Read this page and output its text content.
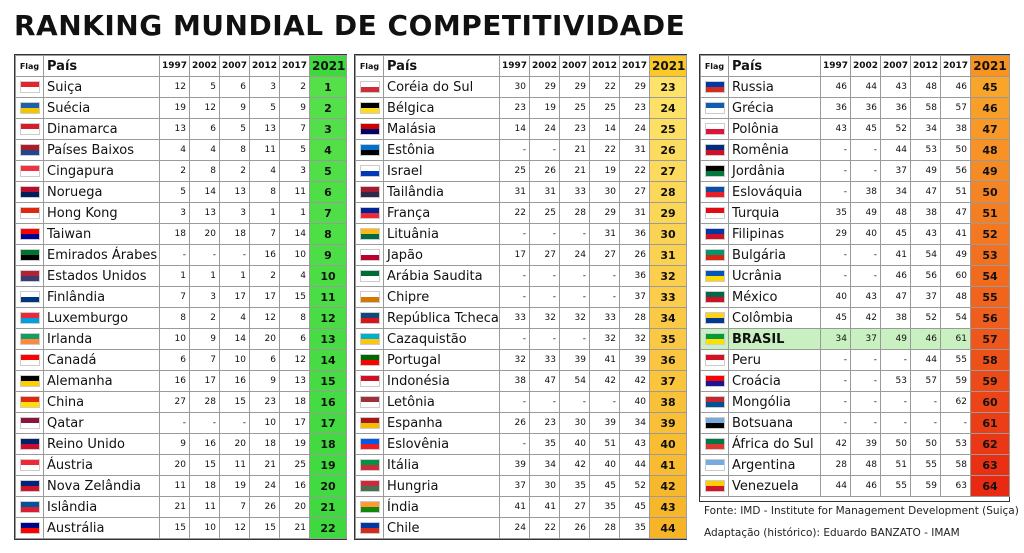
RANKING MUNDIAL DE COMPETITIVIDADE
Flag	País	1997	2002	2007	2012	2017	2021
	Suiça	12	5	6	3	2	1
	Suécia	19	12	9	5	9	2
	Dinamarca	13	6	5	13	7	3
	Países Baixos	4	4	8	11	5	4
	Cingapura	2	8	2	4	3	5
	Noruega	5	14	13	8	11	6
	Hong Kong	3	13	3	1	1	7
	Taiwan	18	20	18	7	14	8
	Emirados Árabes	-	-	-	16	10	9
	Estados Unidos	1	1	1	2	4	10
	Finlândia	7	3	17	17	15	11
	Luxemburgo	8	2	4	12	8	12
	Irlanda	10	9	14	20	6	13
	Canadá	6	7	10	6	12	14
	Alemanha	16	17	16	9	13	15
	China	27	28	15	23	18	16
	Qatar	-	-	-	10	17	17
	Reino Unido	9	16	20	18	19	18
	Áustria	20	15	11	21	25	19
	Nova Zelândia	11	18	19	24	16	20
	Islândia	21	11	7	26	20	21
	Austrália	15	10	12	15	21	22
Flag	País	1997	2002	2007	2012	2017	2021
	Coréia do Sul	30	29	29	22	29	23
	Bélgica	23	19	25	25	23	24
	Malásia	14	24	23	14	24	25
	Estônia	-	-	21	22	31	26
	Israel	25	26	21	19	22	27
	Tailândia	31	31	33	30	27	28
	França	22	25	28	29	31	29
	Lituânia	-	-	-	31	36	30
	Japão	17	27	24	27	26	31
	Arábia Saudita	-	-	-	-	36	32
	Chipre	-	-	-	-	37	33
	República Tcheca	33	32	32	33	28	34
	Cazaquistão	-	-	-	32	32	35
	Portugal	32	33	39	41	39	36
	Indonésia	38	47	54	42	42	37
	Letônia	-	-	-	-	40	38
	Espanha	26	23	30	39	34	39
	Eslovênia	-	35	40	51	43	40
	Itália	39	34	42	40	44	41
	Hungria	37	30	35	45	52	42
	Índia	41	41	27	35	45	43
	Chile	24	22	26	28	35	44
Flag	País	1997	2002	2007	2012	2017	2021
	Russia	46	44	43	48	46	45
	Grécia	36	36	36	58	57	46
	Polônia	43	45	52	34	38	47
	Romênia	-	-	44	53	50	48
	Jordânia	-	-	37	49	56	49
	Eslováquia	-	38	34	47	51	50
	Turquia	35	49	48	38	47	51
	Filipinas	29	40	45	43	41	52
	Bulgária	-	-	41	54	49	53
	Ucrânia	-	-	46	56	60	54
	México	40	43	47	37	48	55
	Colômbia	45	42	38	52	54	56
	BRASIL	34	37	49	46	61	57
	Peru	-	-	-	44	55	58
	Croácia	-	-	53	57	59	59
	Mongólia	-	-	-	-	62	60
	Botsuana	-	-	-	-	-	61
	África do Sul	42	39	50	50	53	62
	Argentina	28	48	51	55	58	63
	Venezuela	44	46	55	59	63	64
Fonte: IMD - Institute for Management Development (Suiça)
Adaptação (histórico): Eduardo BANZATO - IMAM
